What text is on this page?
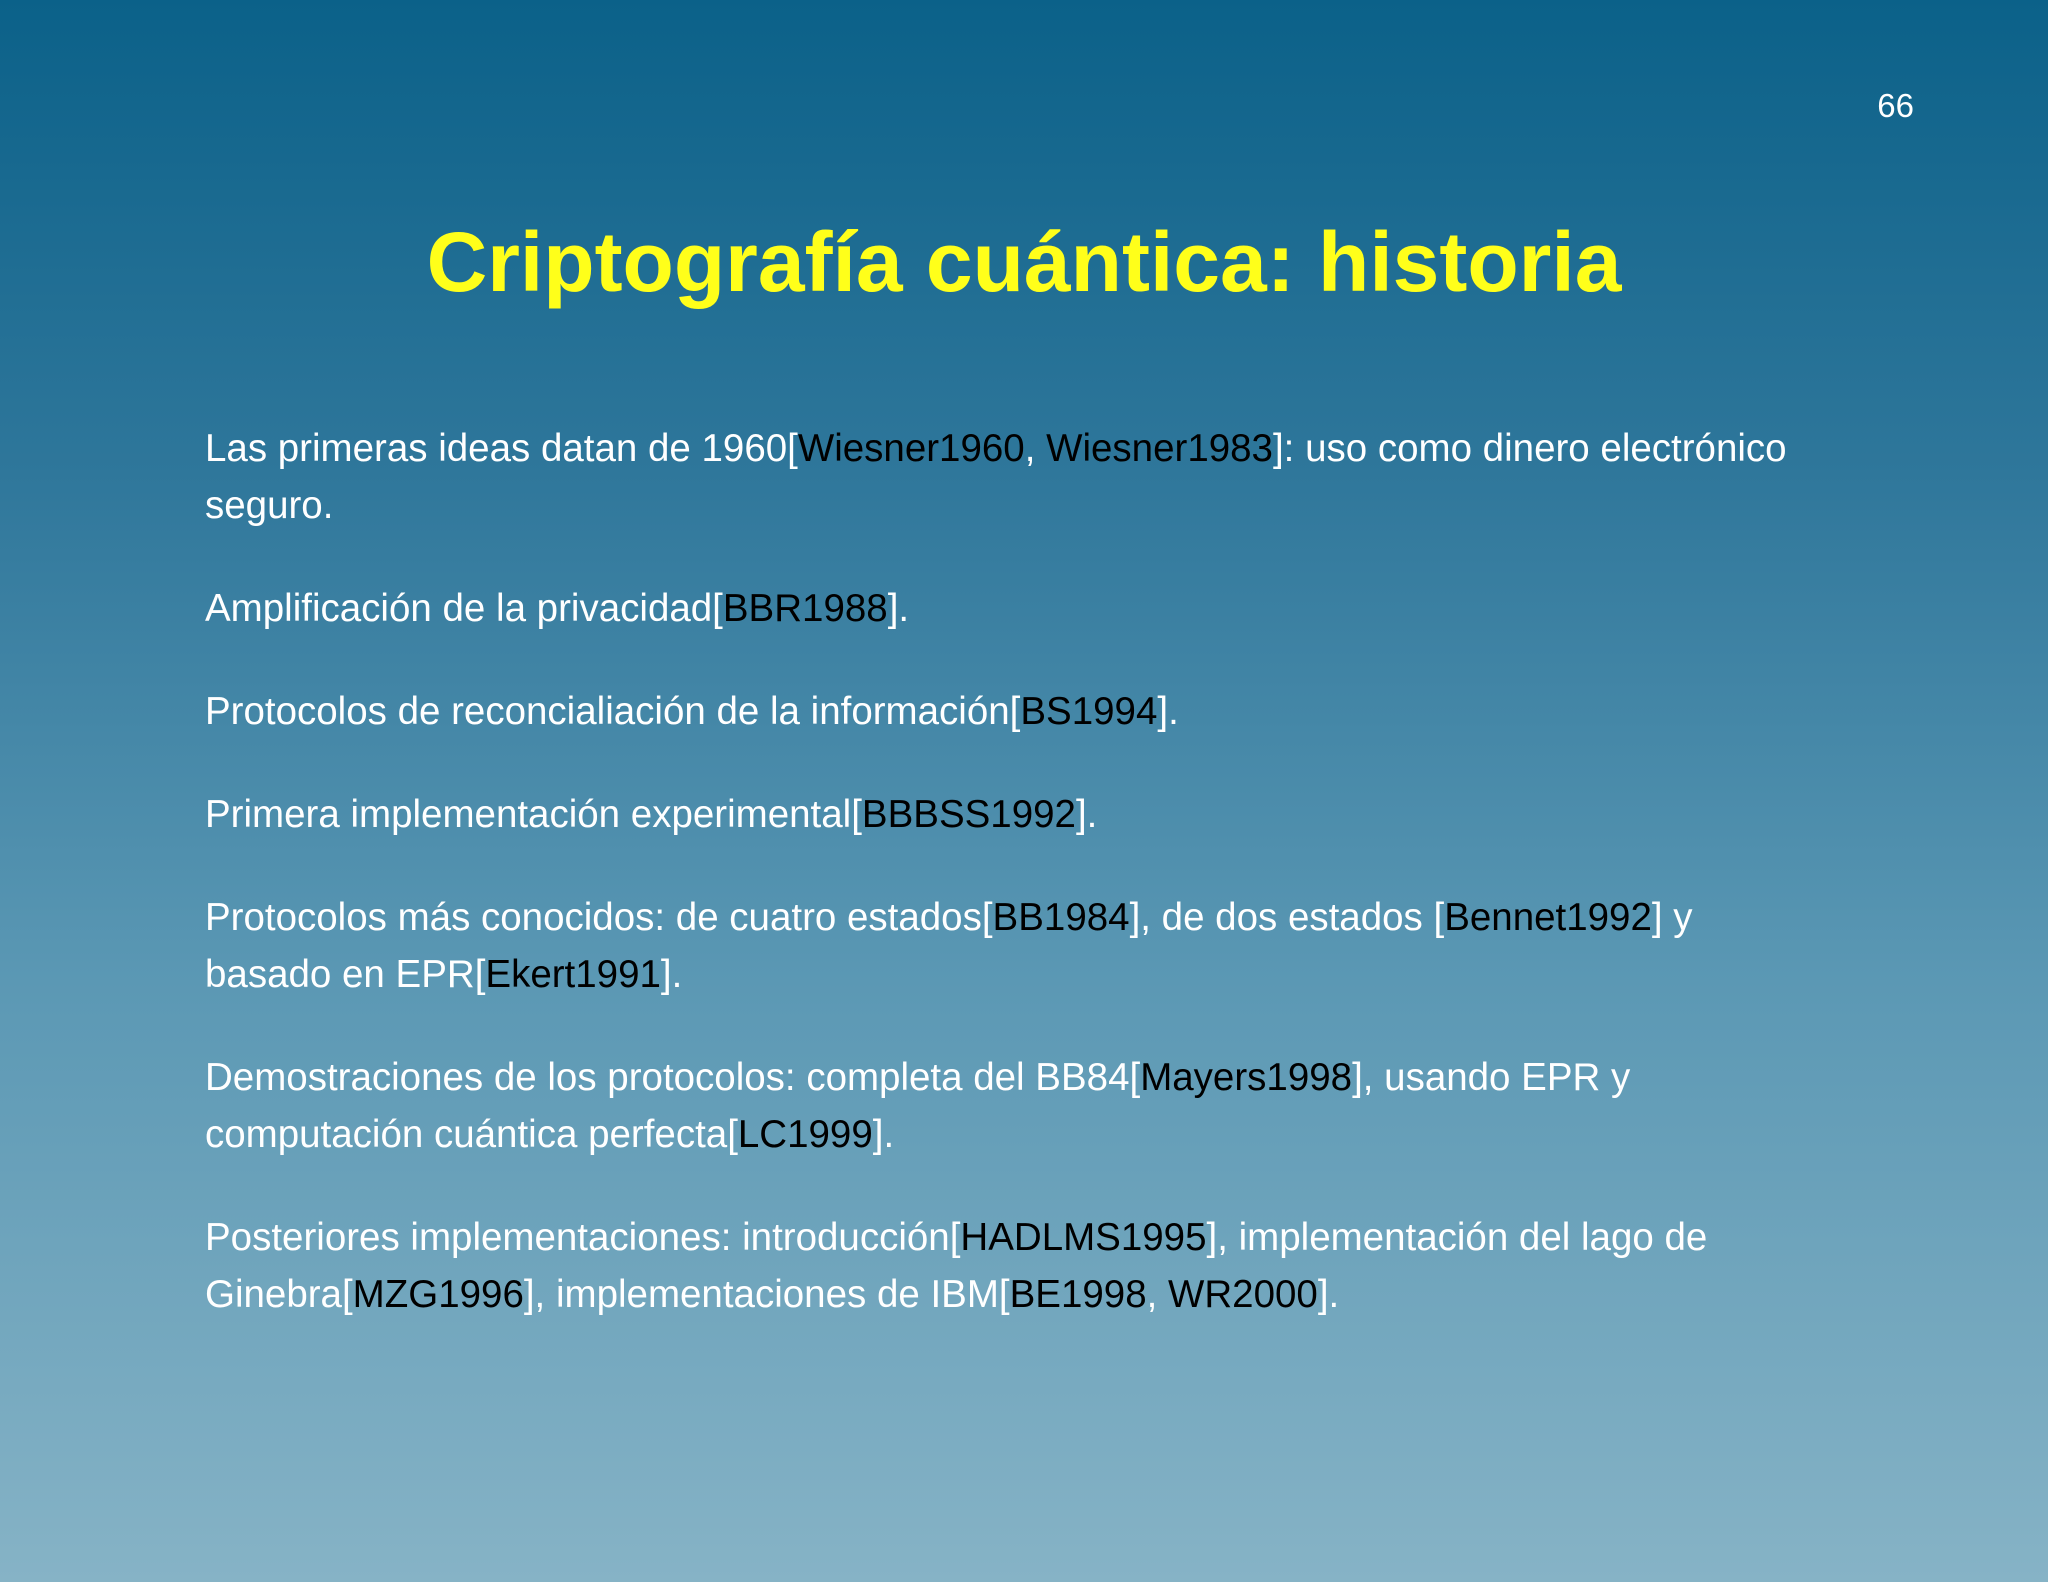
66
Criptografía cuántica: historia

Las primeras ideas datan de 1960[Wiesner1960, Wiesner1983]: uso como dinero electrónico seguro.

Amplificación de la privacidad[BBR1988].

Protocolos de reconcialiación de la información[BS1994].

Primera implementación experimental[BBBSS1992].

Protocolos más conocidos: de cuatro estados[BB1984], de dos estados [Bennet1992] y basado en EPR[Ekert1991].

Demostraciones de los protocolos: completa del BB84[Mayers1998], usando EPR y computación cuántica perfecta[LC1999].

Posteriores implementaciones: introducción[HADLMS1995], implementación del lago de Ginebra[MZG1996], implementaciones de IBM[BE1998, WR2000].
